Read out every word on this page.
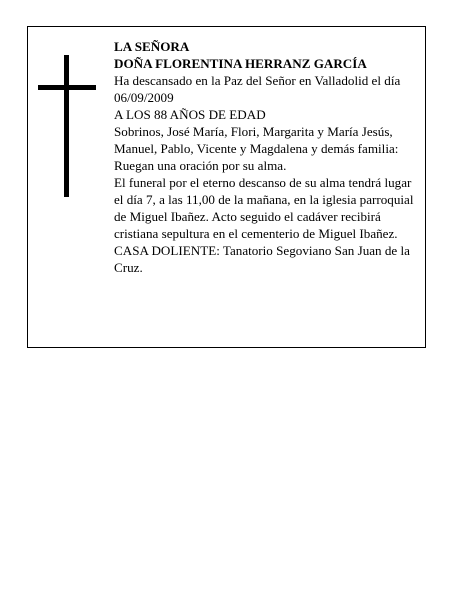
LA SEÑORA

DOÑA FLORENTINA HERRANZ GARCÍA

Ha descansado en la Paz del Señor en Valladolid el día 06/09/2009

A LOS 88 AÑOS DE EDAD

Sobrinos, José María, Flori, Margarita y María Jesús, Manuel, Pablo, Vicente y Magdalena y demás familia:

Ruegan una oración por su alma.

El funeral por el eterno descanso de su alma tendrá lugar el día 7, a las 11,00 de la mañana, en la iglesia parroquial de Miguel Ibañez. Acto seguido el cadáver recibirá cristiana sepultura en el cementerio de Miguel Ibañez.

CASA DOLIENTE: Tanatorio Segoviano San Juan de la Cruz.
